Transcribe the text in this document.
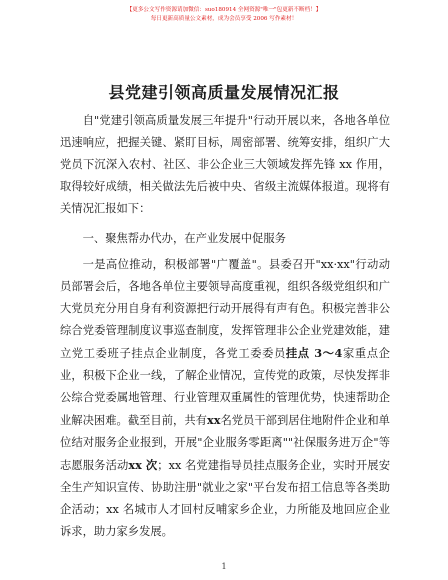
【更多公文写作资源请加微信：suo180914 全网资源"唯一"包更新不断档！】
每日更新高质量公文素材，成为会员享受 2006 写作素材！
县党建引领高质量发展情况汇报

自"党建引领高质量发展三年提升"行动开展以来，各地各单位迅速响应，把握关键、紧盯目标，周密部署、统筹安排，组织广大党员下沉深入农村、社区、非公企业三大领域发挥先锋 xx 作用，取得较好成绩，相关做法先后被中央、省级主流媒体报道。现将有关情况汇报如下：

一、聚焦帮办代办，在产业发展中促服务

一是高位推动，积极部署"广覆盖"。县委召开"xx·xx"行动动员部署会后，各地各单位主要领导高度重视，组织各级党组织和广大党员充分用自身有利资源把行动开展得有声有色。积极完善非公综合党委管理制度议事巡查制度，发挥管理非公企业党建效能，建立党工委班子挂点企业制度，各党工委委员挂点 3～4家重点企业，积极下企业一线，了解企业情况，宣传党的政策，尽快发挥非公综合党委属地管理、行业管理双重属性的管理优势，快速帮助企业解决困难。截至目前，共有xx名党员干部到居住地附件企业和单位结对服务企业报到，开展"企业服务零距离""社保服务进万企"等志愿服务活动xx 次；xx 名党建指导员挂点服务企业，实时开展安全生产知识宣传、协助注册"就业之家"平台发布招工信息等各类助企活动；xx 名城市人才回村反哺家乡企业，力所能及地回应企业诉求，助力家乡发展。

1
